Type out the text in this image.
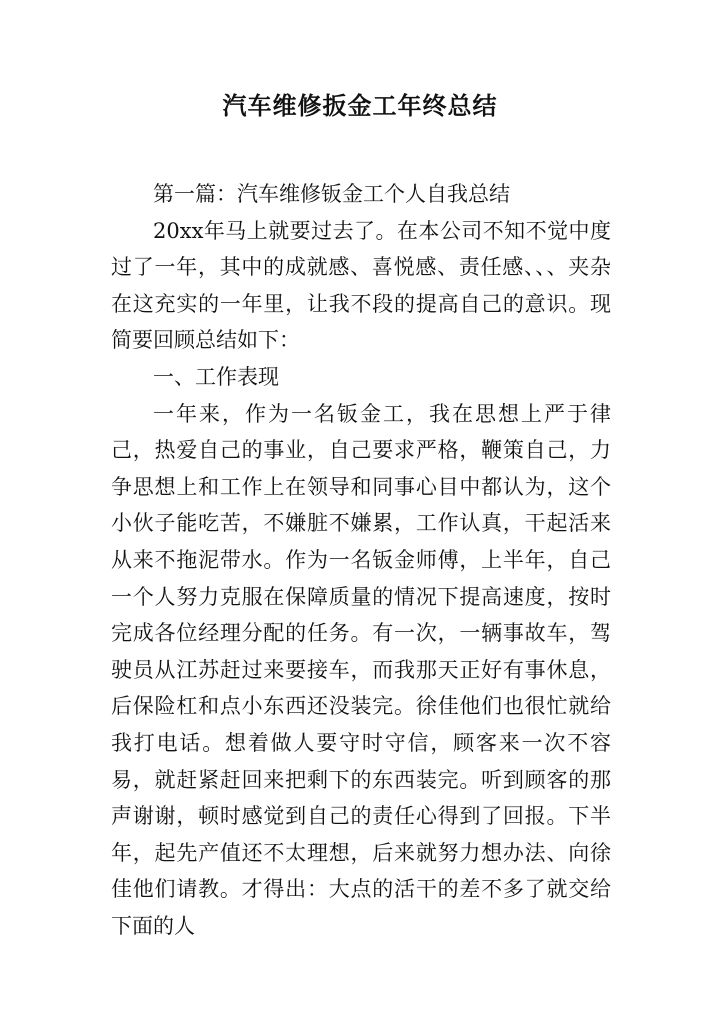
汽车维修扳金工年终总结

第一篇：汽车维修钣金工个人自我总结

20xx年马上就要过去了。在本公司不知不觉中度过了一年，其中的成就感、喜悦感、责任感、、、夹杂在这充实的一年里，让我不段的提高自己的意识。现简要回顾总结如下：

一、工作表现

一年来，作为一名钣金工，我在思想上严于律己，热爱自己的事业，自己要求严格，鞭策自己，力争思想上和工作上在领导和同事心目中都认为，这个小伙子能吃苦，不嫌脏不嫌累，工作认真，干起活来从来不拖泥带水。作为一名钣金师傅，上半年，自己一个人努力克服在保障质量的情况下提高速度，按时完成各位经理分配的任务。有一次，一辆事故车，驾驶员从江苏赶过来要接车，而我那天正好有事休息，后保险杠和点小东西还没装完。徐佳他们也很忙就给我打电话。想着做人要守时守信，顾客来一次不容易，就赶紧赶回来把剩下的东西装完。听到顾客的那声谢谢，顿时感觉到自己的责任心得到了回报。下半年，起先产值还不太理想，后来就努力想办法、向徐佳他们请教。才得出：大点的活干的差不多了就交给下面的人
